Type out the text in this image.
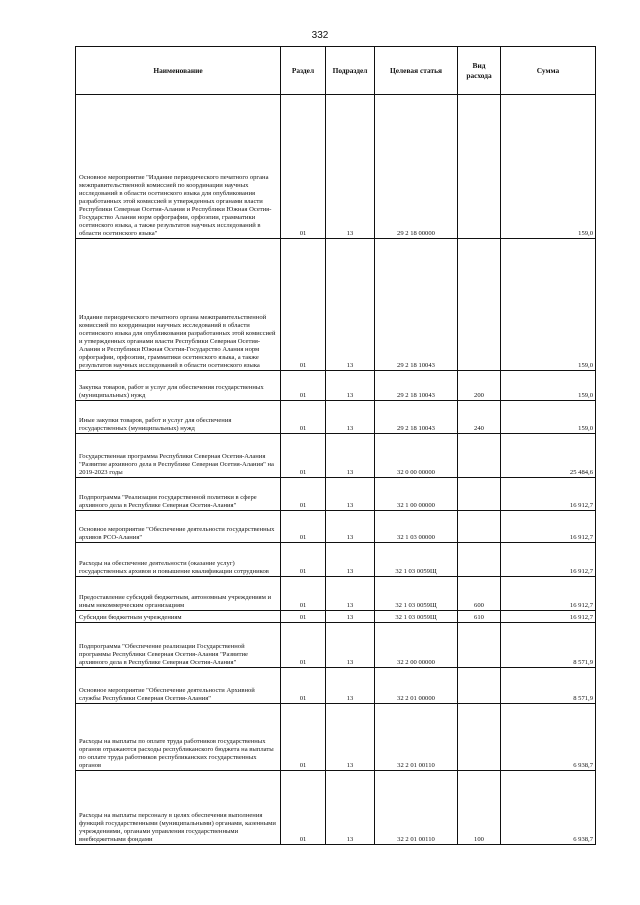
332
Наименование	Раздел	Подраздел	Целевая статья	Вид расхода	Сумма
Основное мероприятие "Издание периодического печатного органа межправительственной комиссией по координации научных исследований в области осетинского языка для опубликования разработанных этой комиссией и утвержденных органами власти Республики Северная Осетия-Алания и Республики Южная Осетия-Государство Алания норм орфографии, орфоэпии, грамматики осетинского языка, а также результатов научных исследований в области осетинского языка"	01	13	29 2 18 00000		159,0
Издание периодического печатного органа межправительственной комиссией по координации научных исследований в области осетинского языка для опубликования разработанных этой комиссией и утвержденных органами власти Республики Северная Осетия-Алания и Республики Южная Осетия-Государство Алания норм орфографии, орфоэпии, грамматики осетинского языка, а также результатов научных исследований в области осетинского языка	01	13	29 2 18 10043		159,0
Закупка товаров, работ и услуг для обеспечения государственных (муниципальных) нужд	01	13	29 2 18 10043	200	159,0
Иные закупки товаров, работ и услуг для обеспечения государственных (муниципальных) нужд	01	13	29 2 18 10043	240	159,0
Государственная программа Республики Северная Осетия-Алания "Развитие архивного дела в Республике Северная Осетия-Алания" на 2019-2023 годы	01	13	32 0 00 00000		25 484,6
Подпрограмма "Реализация государственной политики в сфере архивного дела в Республике Северная Осетия-Алания"	01	13	32 1 00 00000		16 912,7
Основное мероприятие "Обеспечение деятельности государственных архивов РСО-Алания"	01	13	32 1 03 00000		16 912,7
Расходы на обеспечение деятельности (оказание услуг) государственных архивов и повышение квалификации сотрудников	01	13	32 1 03 0059Щ		16 912,7
Предоставление субсидий бюджетным, автономным учреждениям и иным некоммерческим организациям	01	13	32 1 03 0059Щ	600	16 912,7
Субсидии бюджетным учреждениям	01	13	32 1 03 0059Щ	610	16 912,7
Подпрограмма "Обеспечение реализации Государственной программы Республики Северная Осетия-Алания "Развитие архивного дела в Республике Северная Осетия-Алания"	01	13	32 2 00 00000		8 571,9
Основное мероприятие "Обеспечение деятельности Архивной службы Республики Северная Осетия-Алания"	01	13	32 2 01 00000		8 571,9
Расходы на выплаты по оплате труда работников государственных органов отражаются расходы республиканского бюджета на выплаты по оплате труда работников республиканских государственных органов	01	13	32 2 01 00110		6 938,7
Расходы на выплаты персоналу в целях обеспечения выполнения функций государственными (муниципальными) органами, казенными учреждениями, органами управления государственными внебюджетными фондами	01	13	32 2 01 00110	100	6 938,7
